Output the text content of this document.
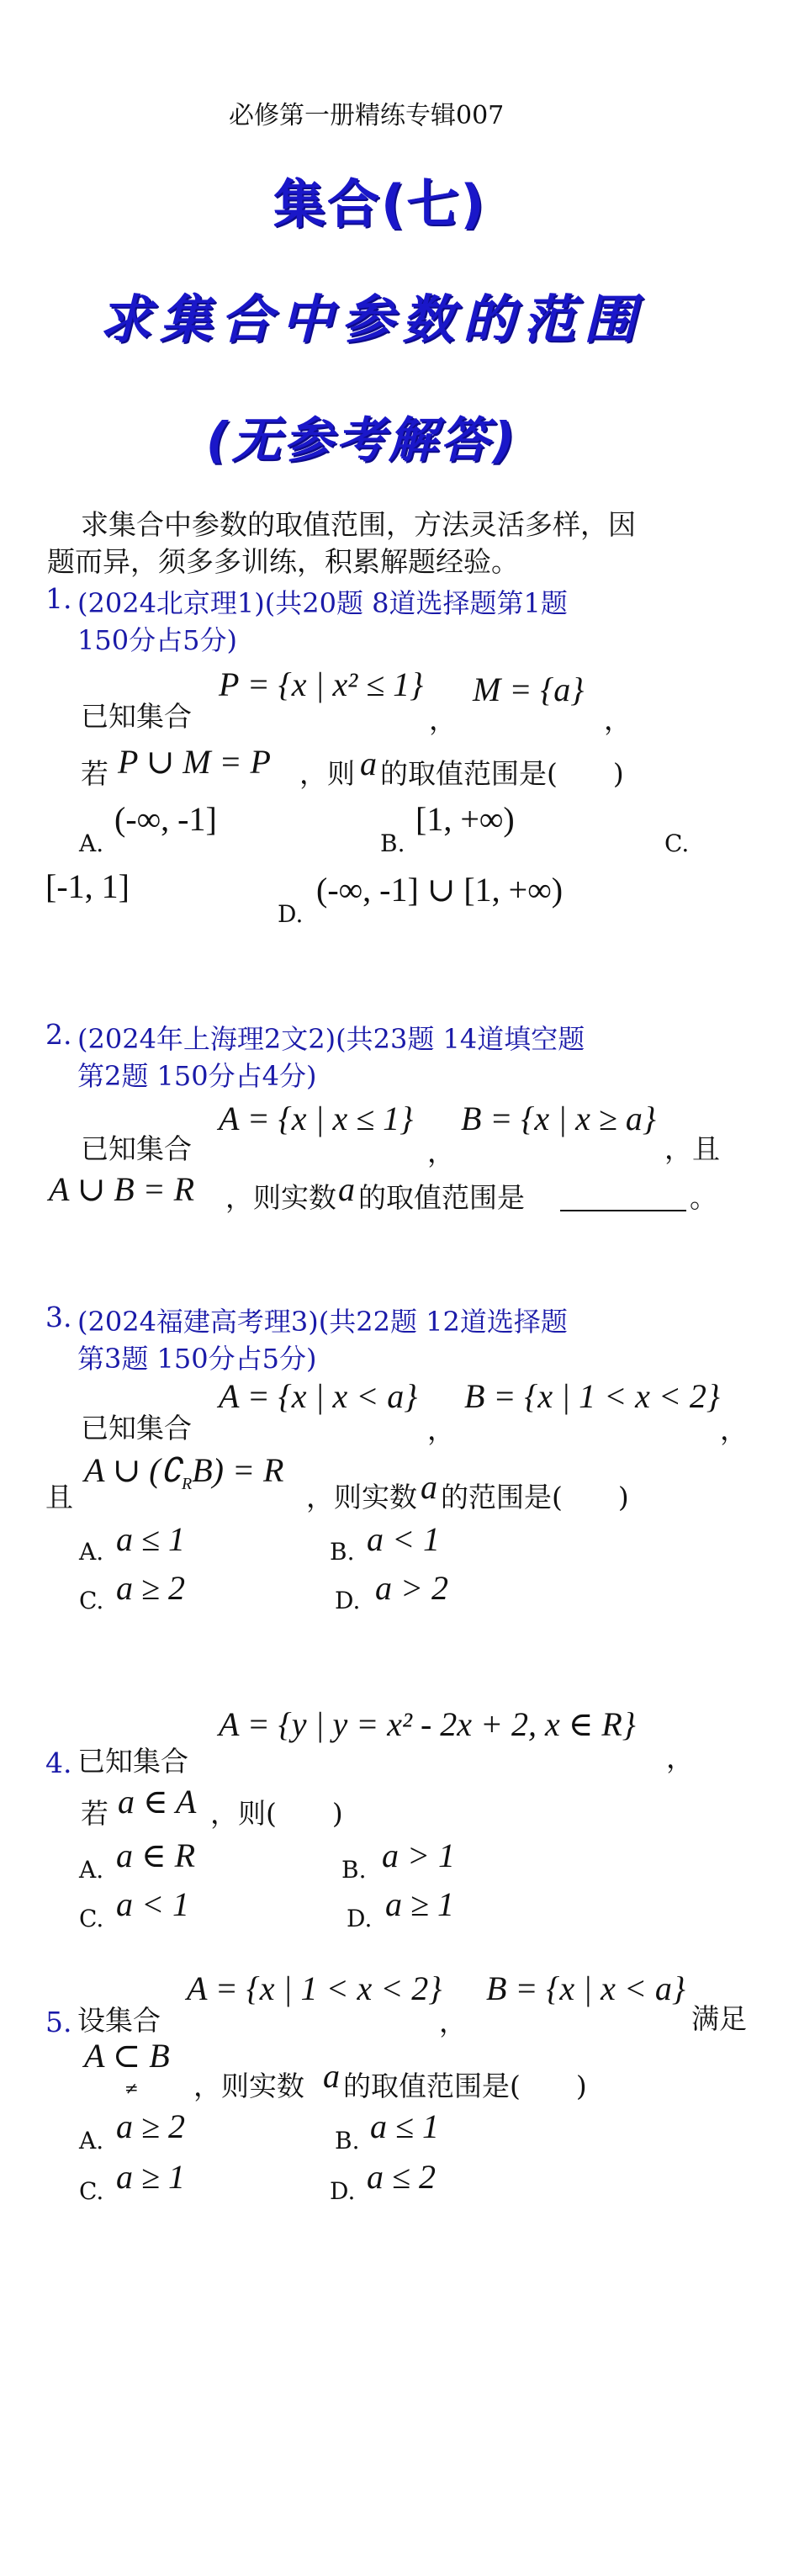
必修第一册精练专辑007
集合(七)
求集合中参数的范围
(无参考解答)
求集合中参数的取值范围，方法灵活多样，因
题而异，须多多训练，积累解题经验。
1. (2024北京理1)(共20题 8道选择题第1题
150分占5分)
已知集合
P = {x | x² ≤ 1}
，
M = {a}
，
若 P ∪ M = P ，则 a 的取值范围是(　　)
A.
(-∞, -1]
B.
[1, +∞)
C.
[-1, 1]
D.
(-∞, -1] ∪ [1, +∞)
2. (2024年上海理2文2)(共23题 14道填空题
第2题 150分占4分)
已知集合
A = {x | x ≤ 1}
，
B = {x | x ≥ a}
，且
A ∪ B = R ，则实数 a 的取值范围是	。
3. (2024福建高考理3)(共22题 12道选择题
第3题 150分占5分)
已知集合
A = {x | x < a}
，
B = {x | 1 < x < 2}
，
且
A ∪ $(∁_RB) = R$
，则实数 a 的范围是(　　)
A. a ≤ 1	B. a < 1
C. a ≥ 2	D. a > 2
4. 已知集合
A = {y | y = x² - 2x + 2, x ∈ R}
，
若 a ∈ A ，则(　　)
A. a ∈ R	B. a > 1
C. a < 1	D. a ≥ 1
5. 设集合
A = {x | 1 < x < 2}
，
B = {x | x < a}
满足
A ⊂ B
≠ ，则实数 a 的取值范围是(　　)
A. a ≥ 2	B. a ≤ 1
C. a ≥ 1	D. a ≤ 2
